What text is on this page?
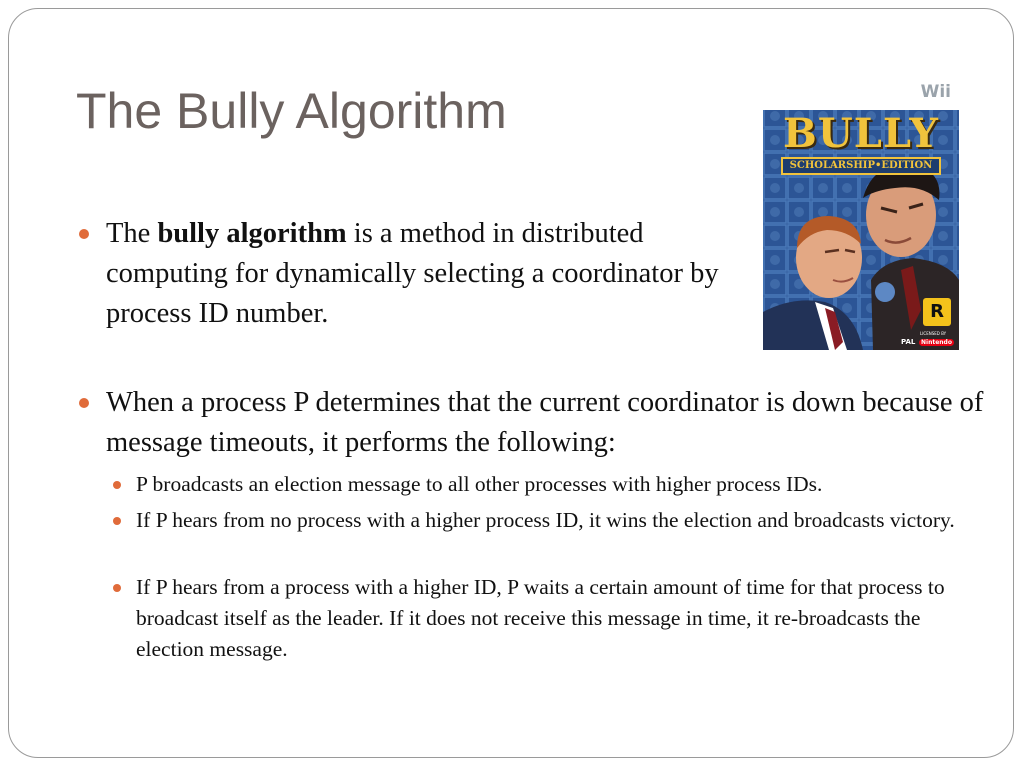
The Bully Algorithm
The bully algorithm is a method in distributed computing for dynamically selecting a coordinator by process ID number.
Wii
BULLY
SCHOLARSHIP•EDITION
R
LICENSED BY
PAL Nintendo
When a process P determines that the current coordinator is down because of message timeouts, it performs the following:
P broadcasts an election message to all other processes with higher process IDs.
If P hears from no process with a higher process ID, it wins the election and broadcasts victory.
If P hears from a process with a higher ID, P waits a certain amount of time for that process to broadcast itself as the leader. If it does not receive this message in time, it re-broadcasts the election message.
